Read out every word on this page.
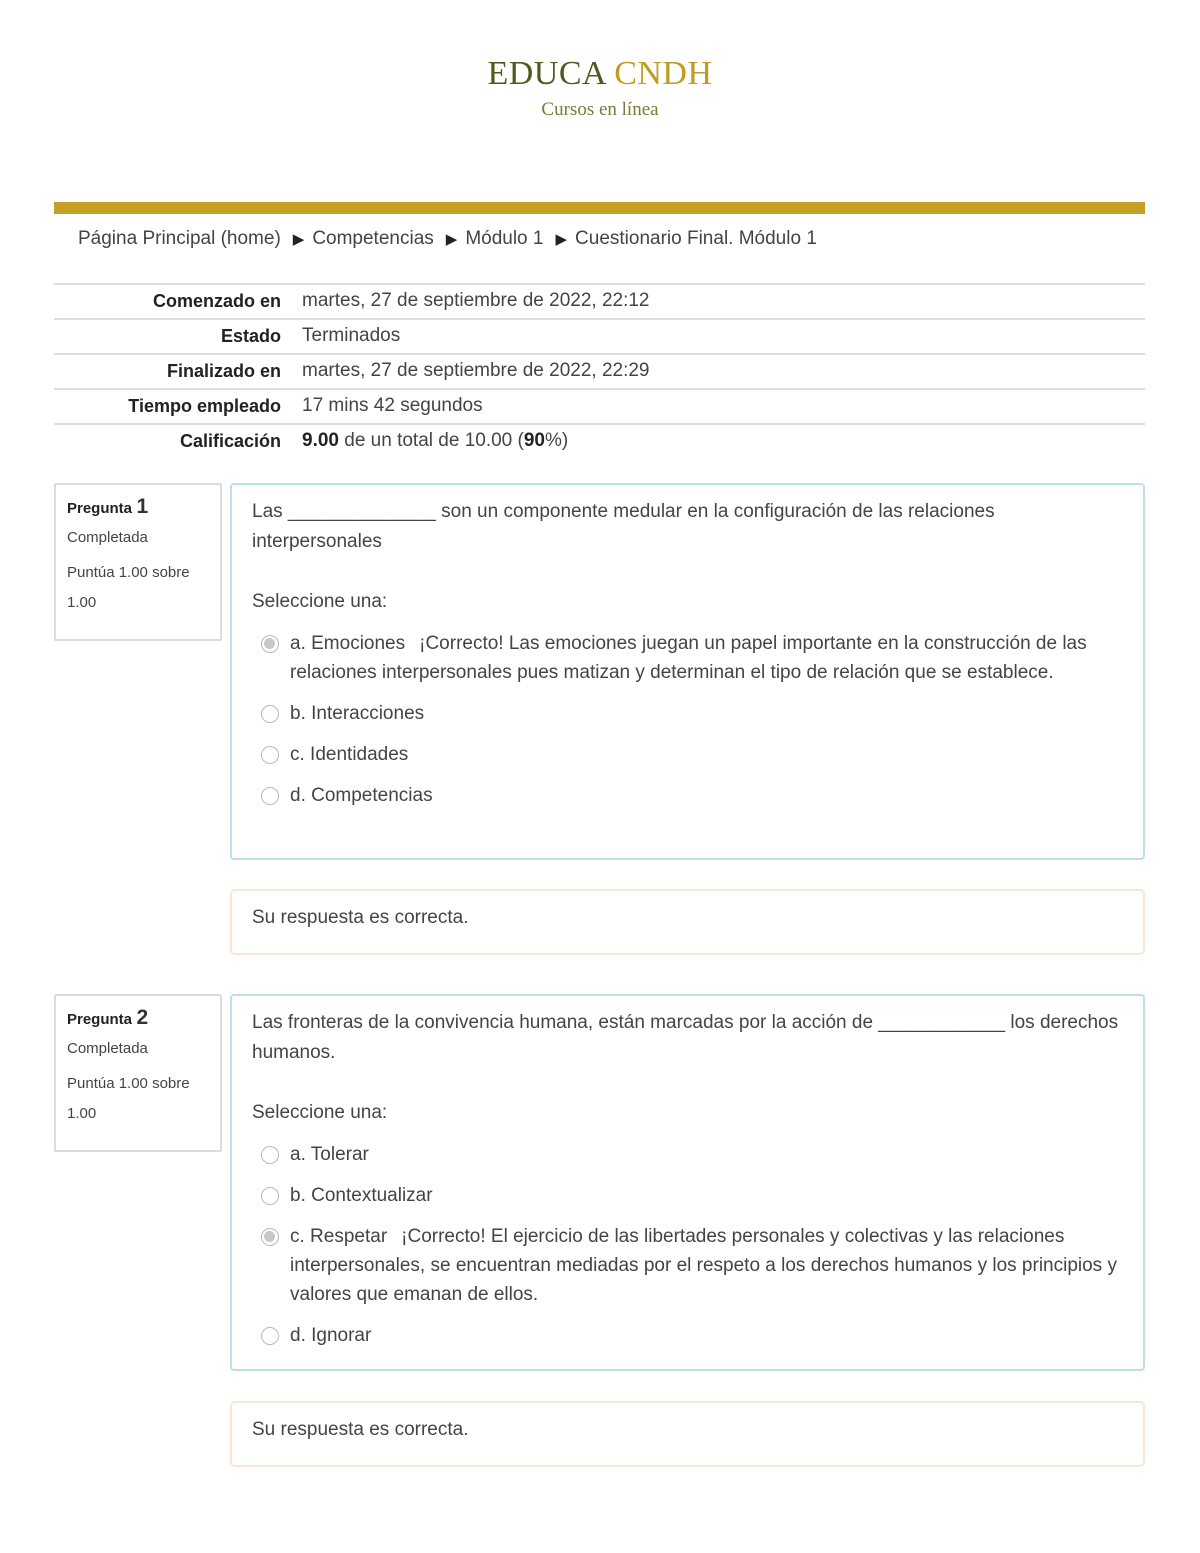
EDUCA CNDH
Cursos en línea
Página Principal (home) ▶ Competencias ▶ Módulo 1 ▶ Cuestionario Final. Módulo 1
Comenzado en	martes, 27 de septiembre de 2022, 22:12
Estado	Terminados
Finalizado en	martes, 27 de septiembre de 2022, 22:29
Tiempo empleado	17 mins 42 segundos
Calificación	9.00 de un total de 10.00 (90%)
Pregunta 1
Completada
Puntúa 1.00 sobre 1.00
Las ______________ son un componente medular en la configuración de las relaciones interpersonales
Seleccione una:
a. Emociones ¡Correcto! Las emociones juegan un papel importante en la construcción de las relaciones interpersonales pues matizan y determinan el tipo de relación que se establece.
b. Interacciones
c. Identidades
d. Competencias
Su respuesta es correcta.
Pregunta 2
Completada
Puntúa 1.00 sobre 1.00
Las fronteras de la convivencia humana, están marcadas por la acción de ____________ los derechos humanos.
Seleccione una:
a. Tolerar
b. Contextualizar
c. Respetar ¡Correcto! El ejercicio de las libertades personales y colectivas y las relaciones interpersonales, se encuentran mediadas por el respeto a los derechos humanos y los principios y valores que emanan de ellos.
d. Ignorar
Su respuesta es correcta.
